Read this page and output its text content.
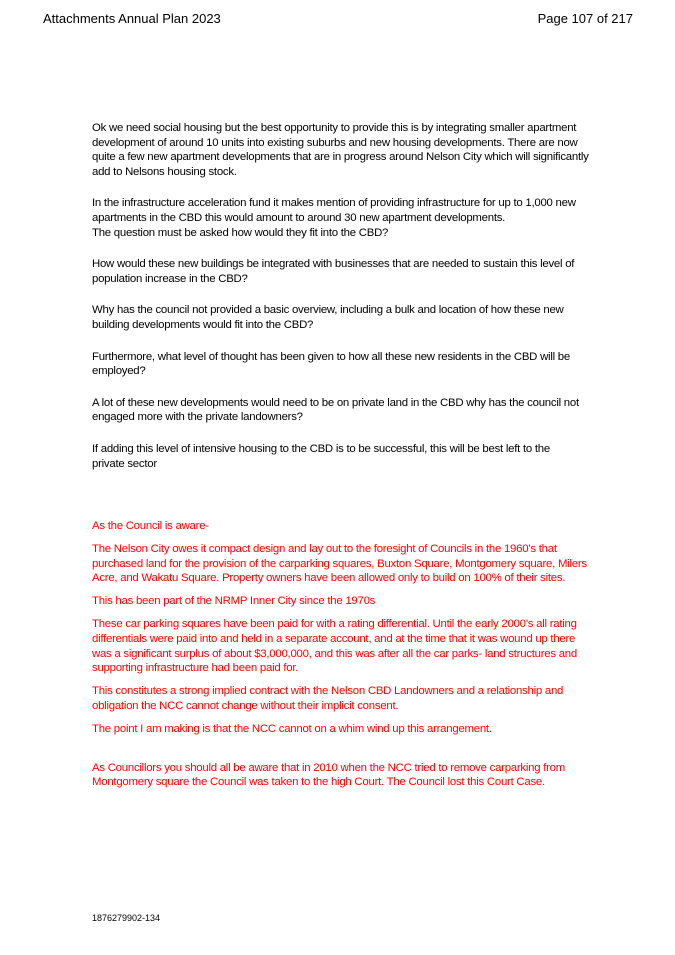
Attachments Annual Plan 2023	Page 107 of 217

Ok we need social housing but the best opportunity to provide this is by integrating smaller apartment
development of around 10 units into existing suburbs and new housing developments. There are now
quite a few new apartment developments that are in progress around Nelson City which will significantly
add to Nelsons housing stock.

In the infrastructure acceleration fund it makes mention of providing infrastructure for up to 1,000 new
apartments in the CBD this would amount to around 30 new apartment developments.
The question must be asked how would they fit into the CBD?

How would these new buildings be integrated with businesses that are needed to sustain this level of
population increase in the CBD?

Why has the council not provided a basic overview, including a bulk and location of how these new
building developments would fit into the CBD?

Furthermore, what level of thought has been given to how all these new residents in the CBD will be
employed?

A lot of these new developments would need to be on private land in the CBD why has the council not
engaged more with the private landowners?

If adding this level of intensive housing to the CBD is to be successful, this will be best left to the
private sector

As the Council is aware-

The Nelson City owes it compact design and lay out to the foresight of Councils in the 1960’s that
purchased land for the provision of the carparking squares, Buxton Square, Montgomery square, Milers
Acre, and Wakatu Square. Property owners have been allowed only to build on 100% of their sites.

This has been part of the NRMP Inner City since the 1970s

These car parking squares have been paid for with a rating differential. Until the early 2000’s all rating
differentials were paid into and held in a separate account, and at the time that it was wound up there
was a significant surplus of about $3,000,000, and this was after all the car parks- land structures and
supporting infrastructure had been paid for.

This constitutes a strong implied contract with the Nelson CBD Landowners and a relationship and
obligation the NCC cannot change without their implicit consent.

The point I am making is that the NCC cannot on a whim wind up this arrangement.

As Councillors you should all be aware that in 2010 when the NCC tried to remove carparking from
Montgomery square the Council was taken to the high Court. The Council lost this Court Case.

1876279902-134
